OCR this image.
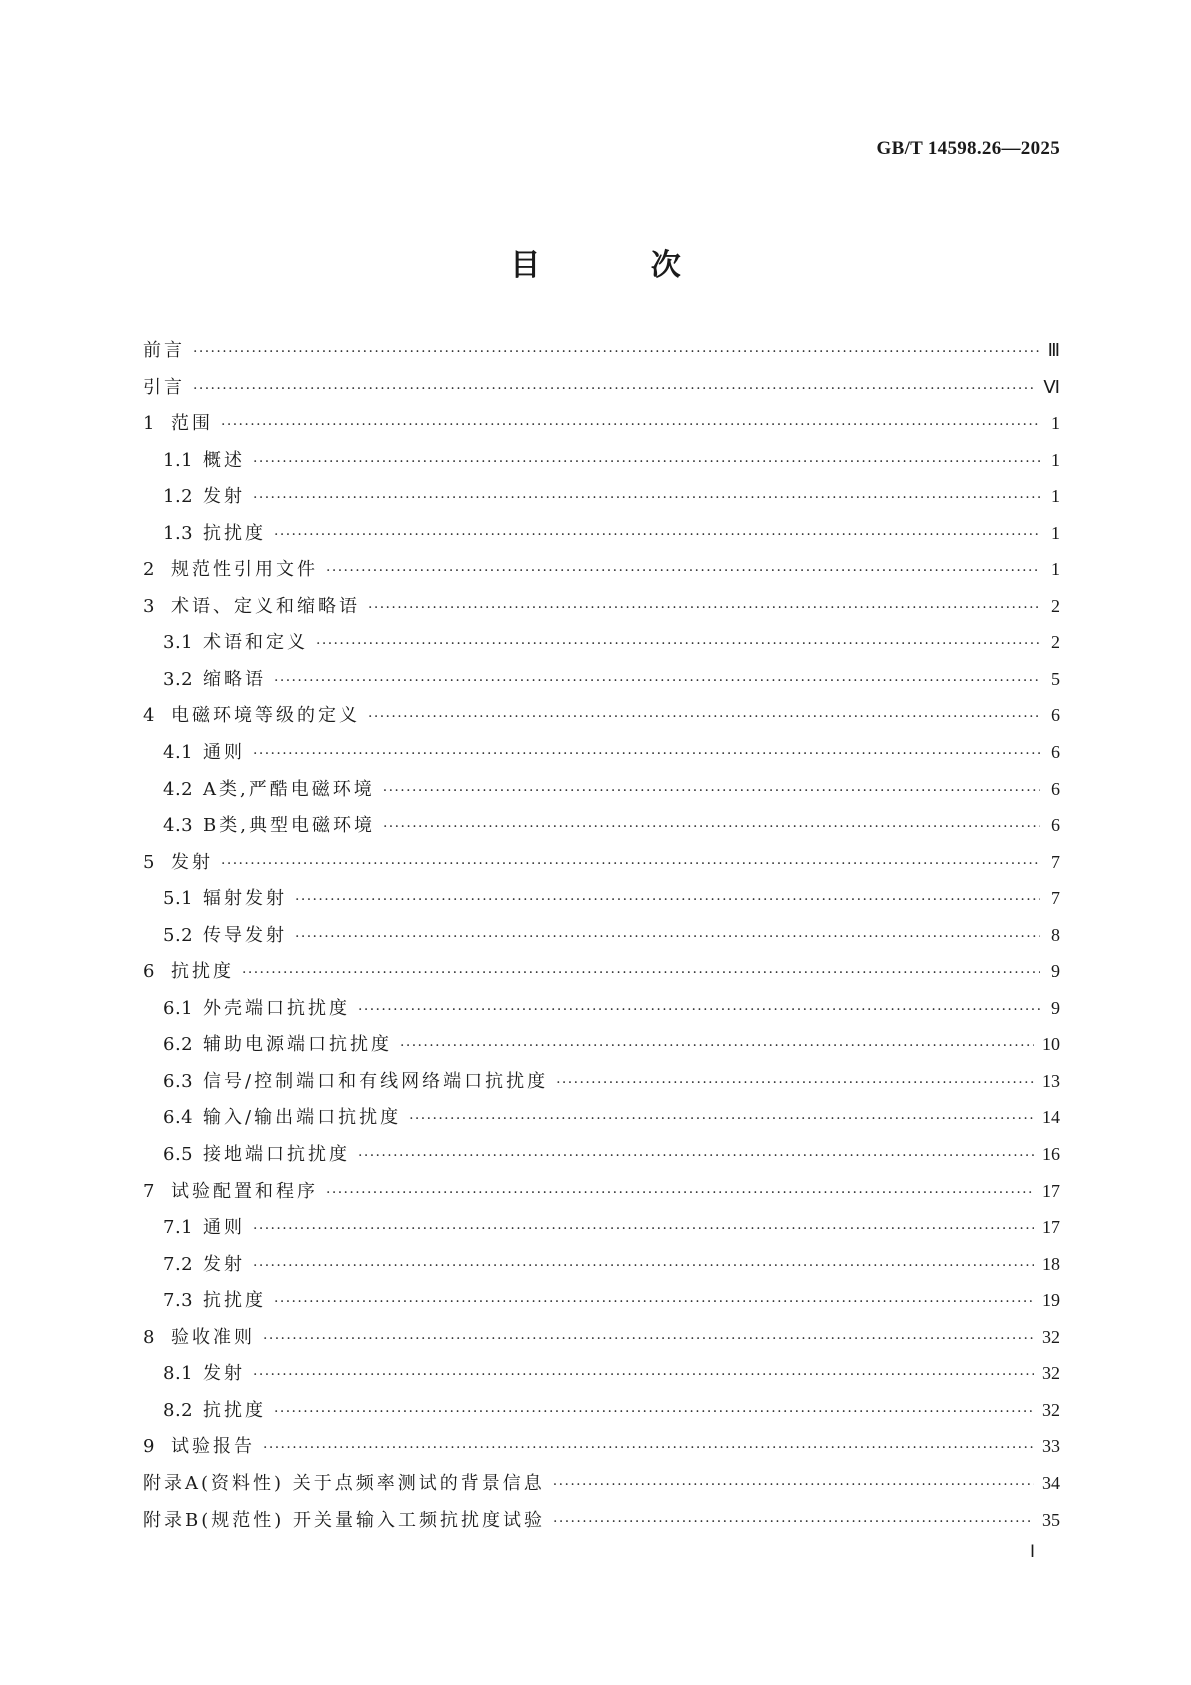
GB/T 14598.26—2025
目 次
前言 ·····	Ⅲ
引言 ·····	Ⅵ
1 范围 ·····	1
1.1 概述 ·····	1
1.2 发射 ·····	1
1.3 抗扰度 ·····	1
2 规范性引用文件 ·····	1
3 术语、定义和缩略语 ·····	2
3.1 术语和定义 ·····	2
3.2 缩略语 ·····	5
4 电磁环境等级的定义 ·····	6
4.1 通则 ·····	6
4.2 A类,严酷电磁环境 ·····	6
4.3 B类,典型电磁环境 ·····	6
5 发射 ·····	7
5.1 辐射发射 ·····	7
5.2 传导发射 ·····	8
6 抗扰度 ·····	9
6.1 外壳端口抗扰度 ·····	9
6.2 辅助电源端口抗扰度 ·····	10
6.3 信号/控制端口和有线网络端口抗扰度 ·····	13
6.4 输入/输出端口抗扰度 ·····	14
6.5 接地端口抗扰度 ·····	16
7 试验配置和程序 ·····	17
7.1 通则 ·····	17
7.2 发射 ·····	18
7.3 抗扰度 ·····	19
8 验收准则 ·····	32
8.1 发射 ·····	32
8.2 抗扰度 ·····	32
9 试验报告 ·····	33
附录A(资料性) 关于点频率测试的背景信息 ·····	34
附录B(规范性) 开关量输入工频抗扰度试验 ·····	35
Ⅰ
